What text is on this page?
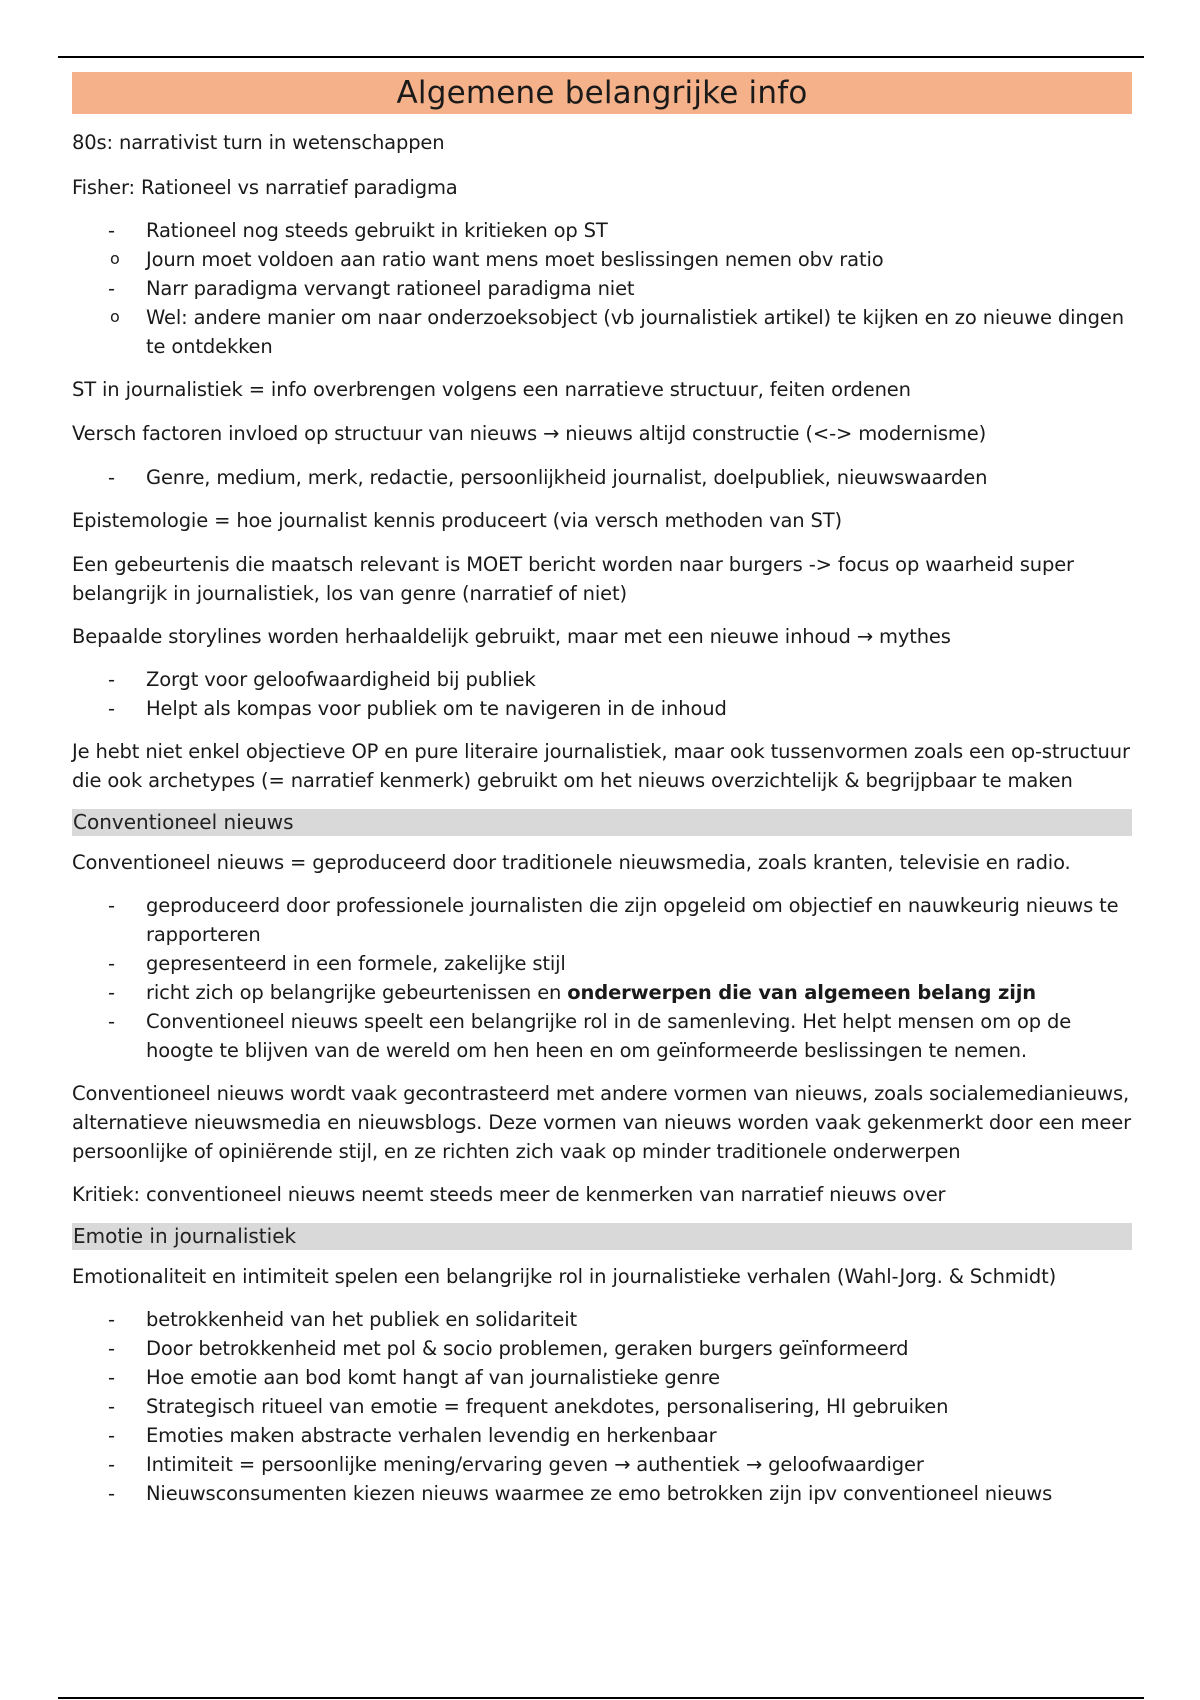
Algemene belangrijke info

80s: narrativist turn in wetenschappen

Fisher: Rationeel vs narratief paradigma

- Rationeel nog steeds gebruikt in kritieken op ST
o Journ moet voldoen aan ratio want mens moet beslissingen nemen obv ratio
- Narr paradigma vervangt rationeel paradigma niet
o Wel: andere manier om naar onderzoeksobject (vb journalistiek artikel) te kijken en zo nieuwe dingen te ontdekken

ST in journalistiek = info overbrengen volgens een narratieve structuur, feiten ordenen

Versch factoren invloed op structuur van nieuws → nieuws altijd constructie (<-> modernisme)

- Genre, medium, merk, redactie, persoonlijkheid journalist, doelpubliek, nieuwswaarden

Epistemologie = hoe journalist kennis produceert (via versch methoden van ST)

Een gebeurtenis die maatsch relevant is MOET bericht worden naar burgers -> focus op waarheid super belangrijk in journalistiek, los van genre (narratief of niet)

Bepaalde storylines worden herhaaldelijk gebruikt, maar met een nieuwe inhoud → mythes

- Zorgt voor geloofwaardigheid bij publiek
- Helpt als kompas voor publiek om te navigeren in de inhoud

Je hebt niet enkel objectieve OP en pure literaire journalistiek, maar ook tussenvormen zoals een op-structuur die ook archetypes (= narratief kenmerk) gebruikt om het nieuws overzichtelijk & begrijpbaar te maken

Conventioneel nieuws

Conventioneel nieuws = geproduceerd door traditionele nieuwsmedia, zoals kranten, televisie en radio.

- geproduceerd door professionele journalisten die zijn opgeleid om objectief en nauwkeurig nieuws te rapporteren
- gepresenteerd in een formele, zakelijke stijl
- richt zich op belangrijke gebeurtenissen en onderwerpen die van algemeen belang zijn
- Conventioneel nieuws speelt een belangrijke rol in de samenleving. Het helpt mensen om op de hoogte te blijven van de wereld om hen heen en om geïnformeerde beslissingen te nemen.

Conventioneel nieuws wordt vaak gecontrasteerd met andere vormen van nieuws, zoals socialemedianieuws, alternatieve nieuwsmedia en nieuwsblogs. Deze vormen van nieuws worden vaak gekenmerkt door een meer persoonlijke of opiniërende stijl, en ze richten zich vaak op minder traditionele onderwerpen

Kritiek: conventioneel nieuws neemt steeds meer de kenmerken van narratief nieuws over

Emotie in journalistiek

Emotionaliteit en intimiteit spelen een belangrijke rol in journalistieke verhalen (Wahl-Jorg. & Schmidt)

- betrokkenheid van het publiek en solidariteit
- Door betrokkenheid met pol & socio problemen, geraken burgers geïnformeerd
- Hoe emotie aan bod komt hangt af van journalistieke genre
- Strategisch ritueel van emotie = frequent anekdotes, personalisering, HI gebruiken
- Emoties maken abstracte verhalen levendig en herkenbaar
- Intimiteit = persoonlijke mening/ervaring geven → authentiek → geloofwaardiger
- Nieuwsconsumenten kiezen nieuws waarmee ze emo betrokken zijn ipv conventioneel nieuws
